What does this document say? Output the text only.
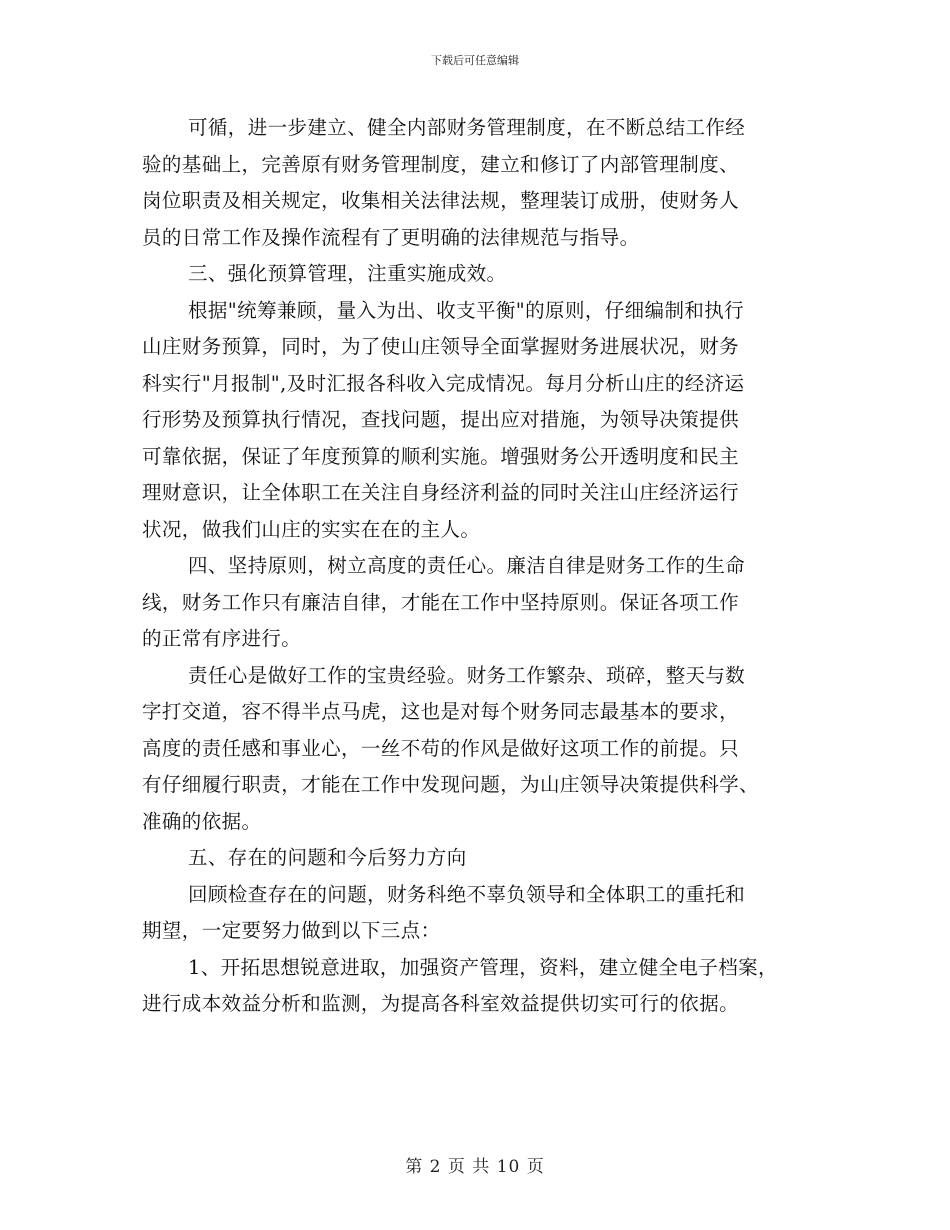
下载后可任意编辑
可循，进一步建立、健全内部财务管理制度，在不断总结工作经
验的基础上，完善原有财务管理制度，建立和修订了内部管理制度、
岗位职责及相关规定，收集相关法律法规，整理装订成册，使财务人
员的日常工作及操作流程有了更明确的法律规范与指导。
三、强化预算管理，注重实施成效。
根据"统筹兼顾，量入为出、收支平衡"的原则，仔细编制和执行
山庄财务预算，同时，为了使山庄领导全面掌握财务进展状况，财务
科实行"月报制",及时汇报各科收入完成情况。每月分析山庄的经济运
行形势及预算执行情况，查找问题，提出应对措施，为领导决策提供
可靠依据，保证了年度预算的顺利实施。增强财务公开透明度和民主
理财意识，让全体职工在关注自身经济利益的同时关注山庄经济运行
状况，做我们山庄的实实在在的主人。
四、坚持原则，树立高度的责任心。廉洁自律是财务工作的生命
线，财务工作只有廉洁自律，才能在工作中坚持原则。保证各项工作
的正常有序进行。
责任心是做好工作的宝贵经验。财务工作繁杂、琐碎，整天与数
字打交道，容不得半点马虎，这也是对每个财务同志最基本的要求，
高度的责任感和事业心，一丝不苟的作风是做好这项工作的前提。只
有仔细履行职责，才能在工作中发现问题，为山庄领导决策提供科学、
准确的依据。
五、存在的问题和今后努力方向
回顾检查存在的问题，财务科绝不辜负领导和全体职工的重托和
期望，一定要努力做到以下三点：
1、开拓思想锐意进取，加强资产管理，资料，建立健全电子档案，
进行成本效益分析和监测，为提高各科室效益提供切实可行的依据。
第 2 页 共 10 页
